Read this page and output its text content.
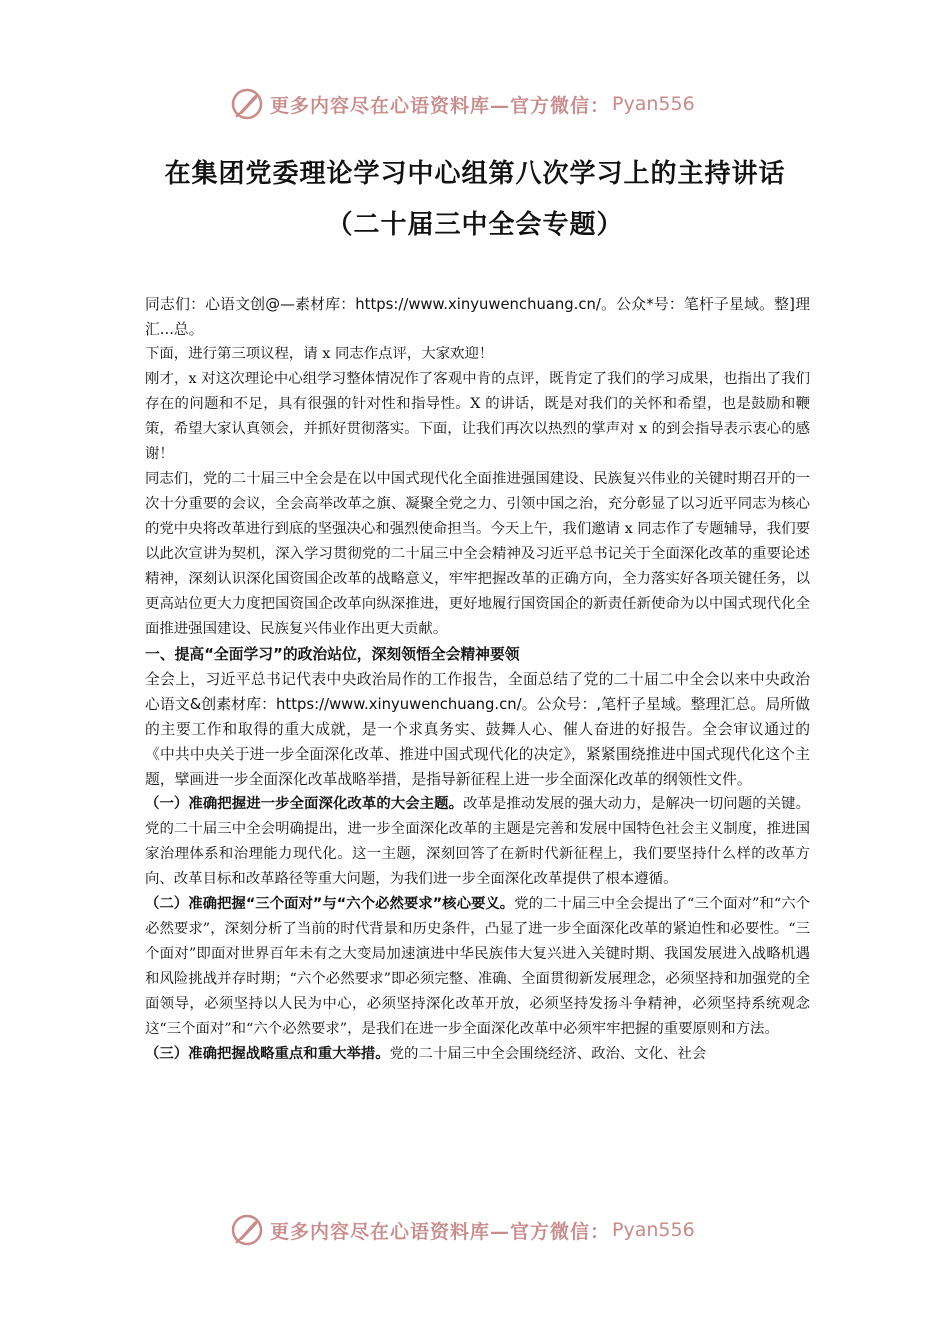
更多内容尽在心语资料库—官方微信： Pyan556
在集团党委理论学习中心组第八次学习上的主持讲话
（二十届三中全会专题）

同志们：心语文创@—素材库：https://www.xinyuwenchuang.cn/。公众*号：笔杆子星域。整]理汇...总。

下面，进行第三项议程，请 x 同志作点评，大家欢迎！

刚才，x 对这次理论中心组学习整体情况作了客观中肯的点评，既肯定了我们的学习成果，也指出了我们存在的问题和不足，具有很强的针对性和指导性。X 的讲话，既是对我们的关怀和希望，也是鼓励和鞭策，希望大家认真领会，并抓好贯彻落实。下面，让我们再次以热烈的掌声对 x 的到会指导表示衷心的感谢！

同志们，党的二十届三中全会是在以中国式现代化全面推进强国建设、民族复兴伟业的关键时期召开的一次十分重要的会议，全会高举改革之旗、凝聚全党之力、引领中国之治，充分彰显了以习近平同志为核心的党中央将改革进行到底的坚强决心和强烈使命担当。今天上午，我们邀请 x 同志作了专题辅导，我们要以此次宣讲为契机，深入学习贯彻党的二十届三中全会精神及习近平总书记关于全面深化改革的重要论述精神，深刻认识深化国资国企改革的战略意义，牢牢把握改革的正确方向，全力落实好各项关键任务，以更高站位更大力度把国资国企改革向纵深推进，更好地履行国资国企的新责任新使命为以中国式现代化全面推进强国建设、民族复兴伟业作出更大贡献。

一、提高“全面学习”的政治站位，深刻领悟全会精神要领

全会上，习近平总书记代表中央政治局作的工作报告，全面总结了党的二十届二中全会以来中央政治心语文&创素材库：https://www.xinyuwenchuang.cn/。公众号：,笔杆子星域。整理汇总。局所做的主要工作和取得的重大成就，是一个求真务实、鼓舞人心、催人奋进的好报告。全会审议通过的《中共中央关于进一步全面深化改革、推进中国式现代化的决定》，紧紧围绕推进中国式现代化这个主题，擘画进一步全面深化改革战略举措，是指导新征程上进一步全面深化改革的纲领性文件。

（一）准确把握进一步全面深化改革的大会主题。改革是推动发展的强大动力，是解决一切问题的关键。党的二十届三中全会明确提出，进一步全面深化改革的主题是完善和发展中国特色社会主义制度，推进国家治理体系和治理能力现代化。这一主题，深刻回答了在新时代新征程上，我们要坚持什么样的改革方向、改革目标和改革路径等重大问题，为我们进一步全面深化改革提供了根本遵循。

（二）准确把握“三个面对”与“六个必然要求”核心要义。党的二十届三中全会提出了“三个面对”和“六个必然要求”，深刻分析了当前的时代背景和历史条件，凸显了进一步全面深化改革的紧迫性和必要性。“三个面对”即面对世界百年未有之大变局加速演进中华民族伟大复兴进入关键时期、我国发展进入战略机遇和风险挑战并存时期；“六个必然要求”即必须完整、准确、全面贯彻新发展理念，必须坚持和加强党的全面领导，必须坚持以人民为中心，必须坚持深化改革开放，必须坚持发扬斗争精神，必须坚持系统观念这“三个面对”和“六个必然要求”，是我们在进一步全面深化改革中必须牢牢把握的重要原则和方法。

（三）准确把握战略重点和重大举措。党的二十届三中全会围绕经济、政治、文化、社会

更多内容尽在心语资料库—官方微信： Pyan556
